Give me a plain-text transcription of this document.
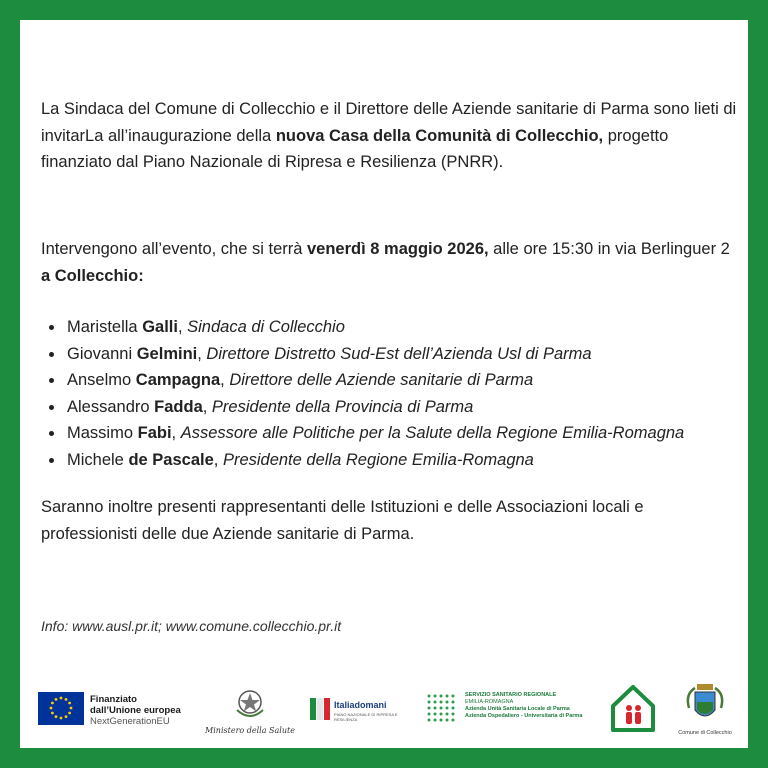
La Sindaca del Comune di Collecchio e il Direttore delle Aziende sanitarie di Parma sono lieti di invitarLa all’inaugurazione della nuova Casa della Comunità di Collecchio, progetto finanziato dal Piano Nazionale di Ripresa e Resilienza (PNRR).

Intervengono all’evento, che si terrà venerdì 8 maggio 2026, alle ore 15:30 in via Berlinguer 2 a Collecchio:

Maristella Galli, Sindaca di Collecchio
Giovanni Gelmini, Direttore Distretto Sud-Est dell’Azienda Usl di Parma
Anselmo Campagna, Direttore delle Aziende sanitarie di Parma
Alessandro Fadda, Presidente della Provincia di Parma
Massimo Fabi, Assessore alle Politiche per la Salute della Regione Emilia-Romagna
Michele de Pascale, Presidente della Regione Emilia-Romagna

Saranno inoltre presenti rappresentanti delle Istituzioni e delle Associazioni locali e professionisti delle due Aziende sanitarie di Parma.

Info: www.ausl.pr.it; www.comune.collecchio.pr.it
Finanziato
dall’Unione europea
NextGenerationEU
Ministero della Salute
Italiadomani
PIANO NAZIONALE DI RIPRESA E RESILIENZA
SERVIZIO SANITARIO REGIONALE
EMILIA-ROMAGNA
Azienda Unità Sanitaria Locale di Parma
Azienda Ospedaliero - Universitaria di Parma
Comune di Collecchio
